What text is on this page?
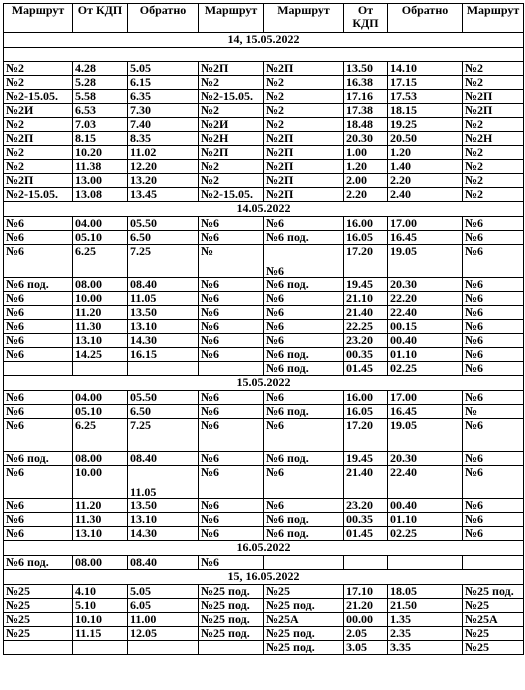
Маршрут	От КДП	Обратно	Маршрут	Маршрут	От КДП	Обратно	Маршрут
14, 15.05.2022							

№2	4.28	5.05	№2П	№2П	13.50	14.10	№2
№2	5.28	6.15	№2	№2	16.38	17.15	№2
№2-15.05.	5.58	6.35	№2-15.05.	№2	17.16	17.53	№2П
№2И	6.53	7.30	№2	№2	17.38	18.15	№2П
№2	7.03	7.40	№2И	№2	18.48	19.25	№2
№2П	8.15	8.35	№2Н	№2П	20.30	20.50	№2Н
№2	10.20	11.02	№2П	№2П	1.00	1.20	№2
№2	11.38	12.20	№2	№2П	1.20	1.40	№2
№2П	13.00	13.20	№2	№2П	2.00	2.20	№2
№2-15.05.	13.08	13.45	№2-15.05.	№2П	2.20	2.40	№2
14.05.2022							
№6	04.00	05.50	№6	№6	16.00	17.00	№6
№6	05.10	6.50	№6	№6 под.	16.05	16.45	№6
№6	6.25	7.25	№	№6	17.20	19.05	№6
№6 под.	08.00	08.40	№6	№6 под.	19.45	20.30	№6
№6	10.00	11.05	№6	№6	21.10	22.20	№6
№6	11.20	13.50	№6	№6	21.40	22.40	№6
№6	11.30	13.10	№6	№6	22.25	00.15	№6
№6	13.10	14.30	№6	№6	23.20	00.40	№6
№6	14.25	16.15	№6	№6 под.	00.35	01.10	№6
				№6 под.	01.45	02.25	№6
15.05.2022							
№6	04.00	05.50	№6	№6	16.00	17.00	№6
№6	05.10	6.50	№6	№6 под.	16.05	16.45	№
№6	6.25	7.25	№6	№6	17.20	19.05	№6
№6 под.	08.00	08.40	№6	№6 под.	19.45	20.30	№6
№6	10.00	11.05	№6	№6	21.40	22.40	№6
№6	11.20	13.50	№6	№6	23.20	00.40	№6
№6	11.30	13.10	№6	№6 под.	00.35	01.10	№6
№6	13.10	14.30	№6	№6 под.	01.45	02.25	№6
16.05.2022							
№6 под.	08.00	08.40	№6				
15, 16.05.2022							
№25	4.10	5.05	№25 под.	№25	17.10	18.05	№25 под.
№25	5.10	6.05	№25 под.	№25 под.	21.20	21.50	№25
№25	10.10	11.00	№25 под.	№25А	00.00	1.35	№25А
№25	11.15	12.05	№25 под.	№25 под.	2.05	2.35	№25
				№25 под.	3.05	3.35	№25
